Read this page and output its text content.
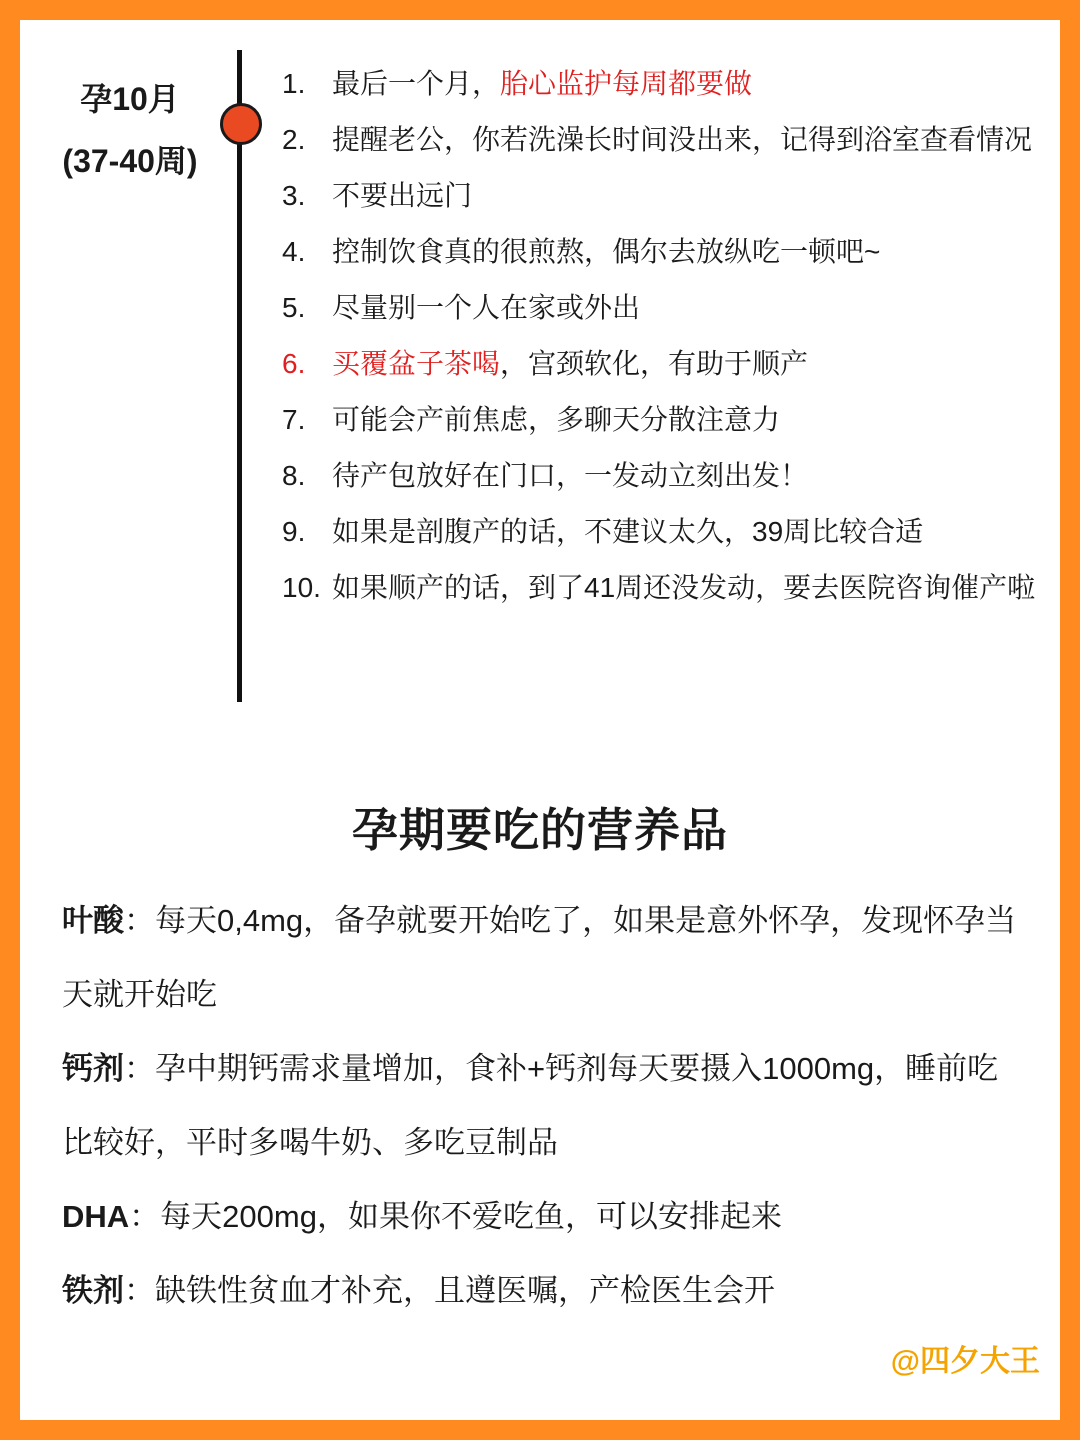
孕10月
(37-40周)
1. 最后一个月，胎心监护每周都要做
2. 提醒老公，你若洗澡长时间没出来，记得到浴室查看情况
3. 不要出远门
4. 控制饮食真的很煎熬，偶尔去放纵吃一顿吧~
5. 尽量别一个人在家或外出
6. 买覆盆子茶喝，宫颈软化，有助于顺产
7. 可能会产前焦虑，多聊天分散注意力
8. 待产包放好在门口，一发动立刻出发！
9. 如果是剖腹产的话，不建议太久，39周比较合适
10. 如果顺产的话，到了41周还没发动，要去医院咨询催产啦
孕期要吃的营养品
叶酸：每天0,4mg，备孕就要开始吃了，如果是意外怀孕，发现怀孕当天就开始吃
钙剂：孕中期钙需求量增加，食补+钙剂每天要摄入1000mg，睡前吃比较好，平时多喝牛奶、多吃豆制品
DHA：每天200mg，如果你不爱吃鱼，可以安排起来
铁剂：缺铁性贫血才补充，且遵医嘱，产检医生会开
@四夕大王
